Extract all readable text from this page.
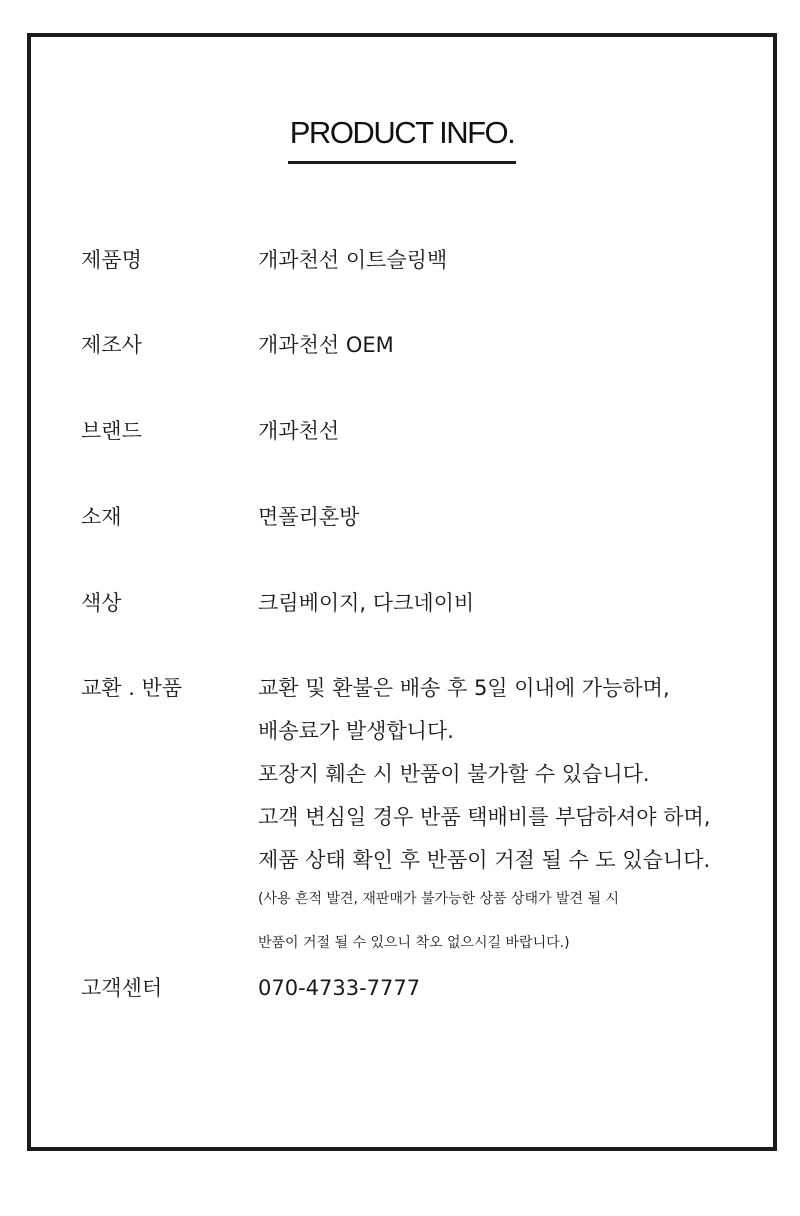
PRODUCT INFO.
제품명	개과천선 이트슬링백
제조사	개과천선 OEM
브랜드	개과천선
소재	면폴리혼방
색상	크림베이지, 다크네이비
교환 . 반품	교환 및 환불은 배송 후 5일 이내에 가능하며,
배송료가 발생합니다.
포장지 훼손 시 반품이 불가할 수 있습니다.
고객 변심일 경우 반품 택배비를 부담하셔야 하며,
제품 상태 확인 후 반품이 거절 될 수 도 있습니다.
(사용 흔적 발견, 재판매가 불가능한 상품 상태가 발견 될 시
반품이 거절 될 수 있으니 착오 없으시길 바랍니다.)
고객센터	070-4733-7777
